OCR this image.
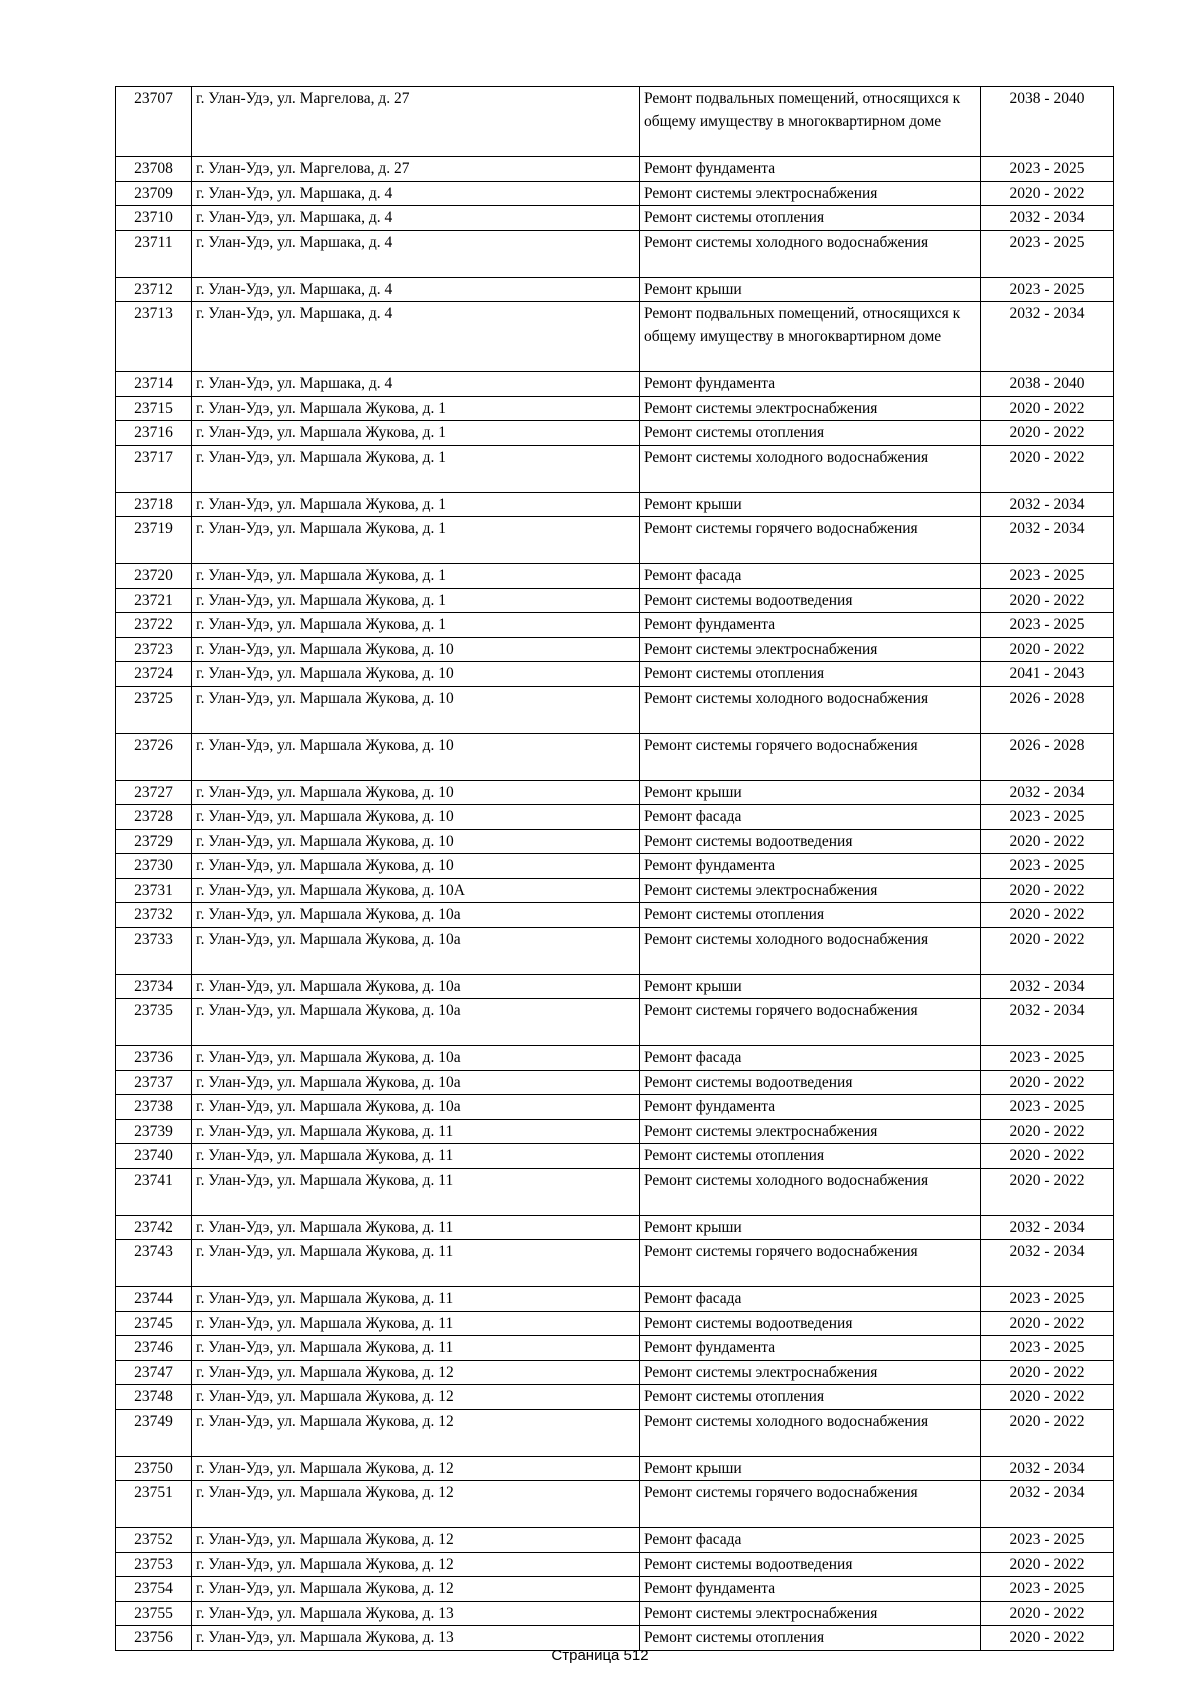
23707	г. Улан-Удэ, ул. Маргелова, д. 27	Ремонт подвальных помещений, относящихся к общему имуществу в многоквартирном доме	2038 - 2040
23708	г. Улан-Удэ, ул. Маргелова, д. 27	Ремонт фундамента	2023 - 2025
23709	г. Улан-Удэ, ул. Маршака, д. 4	Ремонт системы электроснабжения	2020 - 2022
23710	г. Улан-Удэ, ул. Маршака, д. 4	Ремонт системы отопления	2032 - 2034
23711	г. Улан-Удэ, ул. Маршака, д. 4	Ремонт системы холодного водоснабжения	2023 - 2025
23712	г. Улан-Удэ, ул. Маршака, д. 4	Ремонт крыши	2023 - 2025
23713	г. Улан-Удэ, ул. Маршака, д. 4	Ремонт подвальных помещений, относящихся к общему имуществу в многоквартирном доме	2032 - 2034
23714	г. Улан-Удэ, ул. Маршака, д. 4	Ремонт фундамента	2038 - 2040
23715	г. Улан-Удэ, ул. Маршала Жукова, д. 1	Ремонт системы электроснабжения	2020 - 2022
23716	г. Улан-Удэ, ул. Маршала Жукова, д. 1	Ремонт системы отопления	2020 - 2022
23717	г. Улан-Удэ, ул. Маршала Жукова, д. 1	Ремонт системы холодного водоснабжения	2020 - 2022
23718	г. Улан-Удэ, ул. Маршала Жукова, д. 1	Ремонт крыши	2032 - 2034
23719	г. Улан-Удэ, ул. Маршала Жукова, д. 1	Ремонт системы горячего водоснабжения	2032 - 2034
23720	г. Улан-Удэ, ул. Маршала Жукова, д. 1	Ремонт фасада	2023 - 2025
23721	г. Улан-Удэ, ул. Маршала Жукова, д. 1	Ремонт системы водоотведения	2020 - 2022
23722	г. Улан-Удэ, ул. Маршала Жукова, д. 1	Ремонт фундамента	2023 - 2025
23723	г. Улан-Удэ, ул. Маршала Жукова, д. 10	Ремонт системы электроснабжения	2020 - 2022
23724	г. Улан-Удэ, ул. Маршала Жукова, д. 10	Ремонт системы отопления	2041 - 2043
23725	г. Улан-Удэ, ул. Маршала Жукова, д. 10	Ремонт системы холодного водоснабжения	2026 - 2028
23726	г. Улан-Удэ, ул. Маршала Жукова, д. 10	Ремонт системы горячего водоснабжения	2026 - 2028
23727	г. Улан-Удэ, ул. Маршала Жукова, д. 10	Ремонт крыши	2032 - 2034
23728	г. Улан-Удэ, ул. Маршала Жукова, д. 10	Ремонт фасада	2023 - 2025
23729	г. Улан-Удэ, ул. Маршала Жукова, д. 10	Ремонт системы водоотведения	2020 - 2022
23730	г. Улан-Удэ, ул. Маршала Жукова, д. 10	Ремонт фундамента	2023 - 2025
23731	г. Улан-Удэ, ул. Маршала Жукова, д. 10А	Ремонт системы электроснабжения	2020 - 2022
23732	г. Улан-Удэ, ул. Маршала Жукова, д. 10а	Ремонт системы отопления	2020 - 2022
23733	г. Улан-Удэ, ул. Маршала Жукова, д. 10а	Ремонт системы холодного водоснабжения	2020 - 2022
23734	г. Улан-Удэ, ул. Маршала Жукова, д. 10а	Ремонт крыши	2032 - 2034
23735	г. Улан-Удэ, ул. Маршала Жукова, д. 10а	Ремонт системы горячего водоснабжения	2032 - 2034
23736	г. Улан-Удэ, ул. Маршала Жукова, д. 10а	Ремонт фасада	2023 - 2025
23737	г. Улан-Удэ, ул. Маршала Жукова, д. 10а	Ремонт системы водоотведения	2020 - 2022
23738	г. Улан-Удэ, ул. Маршала Жукова, д. 10а	Ремонт фундамента	2023 - 2025
23739	г. Улан-Удэ, ул. Маршала Жукова, д. 11	Ремонт системы электроснабжения	2020 - 2022
23740	г. Улан-Удэ, ул. Маршала Жукова, д. 11	Ремонт системы отопления	2020 - 2022
23741	г. Улан-Удэ, ул. Маршала Жукова, д. 11	Ремонт системы холодного водоснабжения	2020 - 2022
23742	г. Улан-Удэ, ул. Маршала Жукова, д. 11	Ремонт крыши	2032 - 2034
23743	г. Улан-Удэ, ул. Маршала Жукова, д. 11	Ремонт системы горячего водоснабжения	2032 - 2034
23744	г. Улан-Удэ, ул. Маршала Жукова, д. 11	Ремонт фасада	2023 - 2025
23745	г. Улан-Удэ, ул. Маршала Жукова, д. 11	Ремонт системы водоотведения	2020 - 2022
23746	г. Улан-Удэ, ул. Маршала Жукова, д. 11	Ремонт фундамента	2023 - 2025
23747	г. Улан-Удэ, ул. Маршала Жукова, д. 12	Ремонт системы электроснабжения	2020 - 2022
23748	г. Улан-Удэ, ул. Маршала Жукова, д. 12	Ремонт системы отопления	2020 - 2022
23749	г. Улан-Удэ, ул. Маршала Жукова, д. 12	Ремонт системы холодного водоснабжения	2020 - 2022
23750	г. Улан-Удэ, ул. Маршала Жукова, д. 12	Ремонт крыши	2032 - 2034
23751	г. Улан-Удэ, ул. Маршала Жукова, д. 12	Ремонт системы горячего водоснабжения	2032 - 2034
23752	г. Улан-Удэ, ул. Маршала Жукова, д. 12	Ремонт фасада	2023 - 2025
23753	г. Улан-Удэ, ул. Маршала Жукова, д. 12	Ремонт системы водоотведения	2020 - 2022
23754	г. Улан-Удэ, ул. Маршала Жукова, д. 12	Ремонт фундамента	2023 - 2025
23755	г. Улан-Удэ, ул. Маршала Жукова, д. 13	Ремонт системы электроснабжения	2020 - 2022
23756	г. Улан-Удэ, ул. Маршала Жукова, д. 13	Ремонт системы отопления	2020 - 2022
Страница 512
